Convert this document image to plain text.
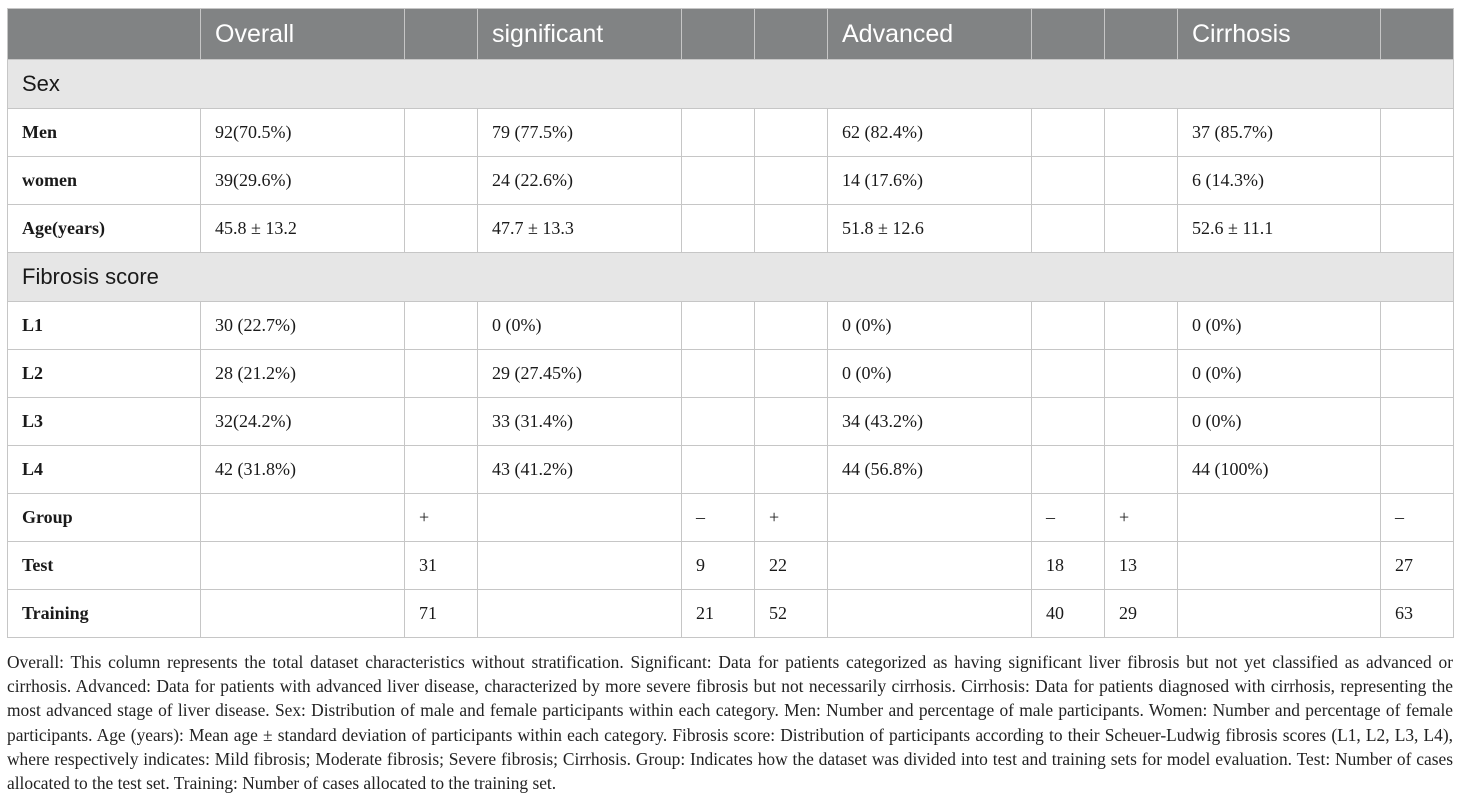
	Overall		significant			Advanced			Cirrhosis	
Sex										
Men	92(70.5%)		79 (77.5%)			62 (82.4%)			37 (85.7%)	
women	39(29.6%)		24 (22.6%)			14 (17.6%)			6 (14.3%)	
Age(years)	45.8 ± 13.2		47.7 ± 13.3			51.8 ± 12.6			52.6 ± 11.1	
Fibrosis score										
L1	30 (22.7%)		0 (0%)			0 (0%)			0 (0%)	
L2	28 (21.2%)		29 (27.45%)			0 (0%)			0 (0%)	
L3	32(24.2%)		33 (31.4%)			34 (43.2%)			0 (0%)	
L4	42 (31.8%)		43 (41.2%)			44 (56.8%)			44 (100%)	
Group		+		–	+		–	+		–
Test		31		9	22		18	13		27
Training		71		21	52		40	29		63
Overall: This column represents the total dataset characteristics without stratification. Significant: Data for patients categorized as having significant liver fibrosis but not yet classified as advanced or cirrhosis. Advanced: Data for patients with advanced liver disease, characterized by more severe fibrosis but not necessarily cirrhosis. Cirrhosis: Data for patients diagnosed with cirrhosis, representing the most advanced stage of liver disease. Sex: Distribution of male and female participants within each category. Men: Number and percentage of male participants. Women: Number and percentage of female participants. Age (years): Mean age ± standard deviation of participants within each category. Fibrosis score: Distribution of participants according to their Scheuer-Ludwig fibrosis scores (L1, L2, L3, L4), where respectively indicates: Mild fibrosis; Moderate fibrosis; Severe fibrosis; Cirrhosis. Group: Indicates how the dataset was divided into test and training sets for model evaluation. Test: Number of cases allocated to the test set. Training: Number of cases allocated to the training set.
